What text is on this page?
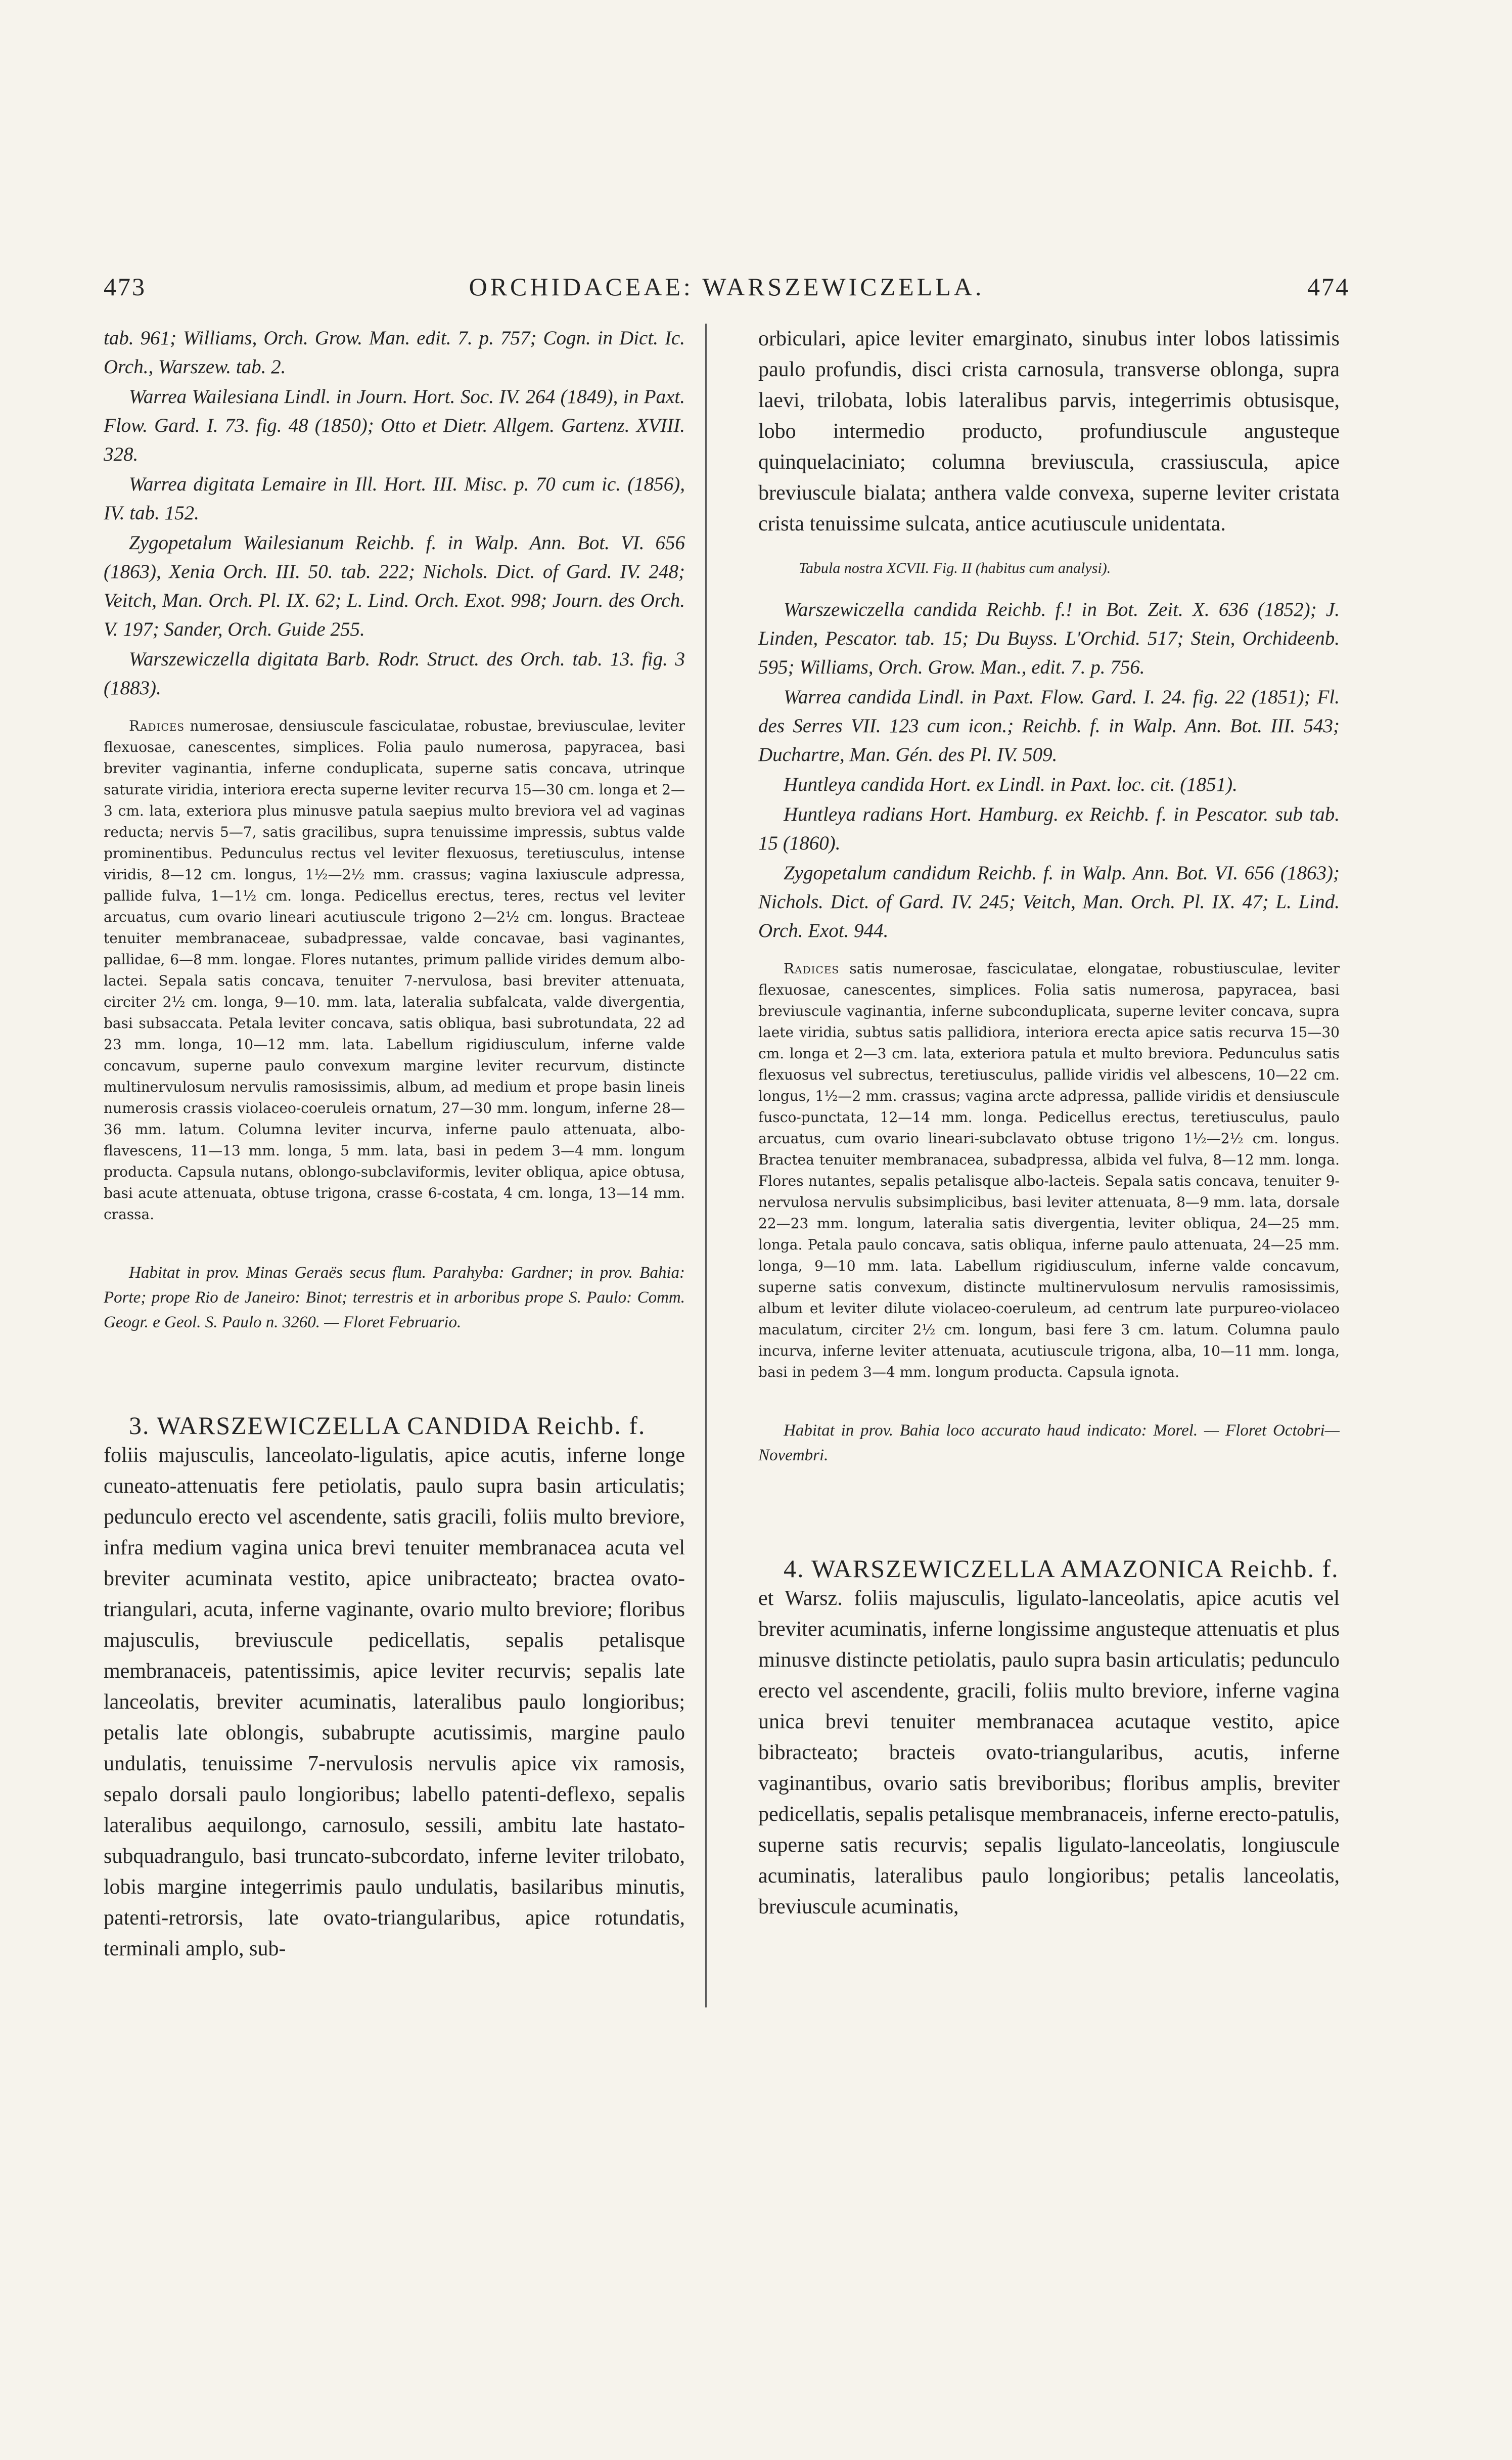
473	ORCHIDACEAE: WARSZEWICZELLA.	474

tab. 961; Williams, Orch. Grow. Man. edit. 7. p. 757; Cogn. in Dict. Ic. Orch., Warszew. tab. 2.

Warrea Wailesiana Lindl. in Journ. Hort. Soc. IV. 264 (1849), in Paxt. Flow. Gard. I. 73. fig. 48 (1850); Otto et Dietr. Allgem. Gartenz. XVIII. 328.

Warrea digitata Lemaire in Ill. Hort. III. Misc. p. 70 cum ic. (1856), IV. tab. 152.

Zygopetalum Wailesianum Reichb. f. in Walp. Ann. Bot. VI. 656 (1863), Xenia Orch. III. 50. tab. 222; Nichols. Dict. of Gard. IV. 248; Veitch, Man. Orch. Pl. IX. 62; L. Lind. Orch. Exot. 998; Journ. des Orch. V. 197; Sander, Orch. Guide 255.

Warszewiczella digitata Barb. Rodr. Struct. des Orch. tab. 13. fig. 3 (1883).

Radices numerosae, densiuscule fasciculatae, robustae, breviusculae, leviter flexuosae, canescentes, simplices. Folia paulo numerosa, papyracea, basi breviter vaginantia, inferne conduplicata, superne satis concava, utrinque saturate viridia, interiora erecta superne leviter recurva 15—30 cm. longa et 2—3 cm. lata, exteriora plus minusve patula saepius multo breviora vel ad vaginas reducta; nervis 5—7, satis gracilibus, supra tenuissime impressis, subtus valde prominentibus. Pedunculus rectus vel leviter flexuosus, teretiusculus, intense viridis, 8—12 cm. longus, 1½—2½ mm. crassus; vagina laxiuscule adpressa, pallide fulva, 1—1½ cm. longa. Pedicellus erectus, teres, rectus vel leviter arcuatus, cum ovario lineari acutiuscule trigono 2—2½ cm. longus. Bracteae tenuiter membranaceae, subadpressae, valde concavae, basi vaginantes, pallidae, 6—8 mm. longae. Flores nutantes, primum pallide virides demum albo-lactei. Sepala satis concava, tenuiter 7-nervulosa, basi breviter attenuata, circiter 2½ cm. longa, 9—10. mm. lata, lateralia subfalcata, valde divergentia, basi subsaccata. Petala leviter concava, satis obliqua, basi subrotundata, 22 ad 23 mm. longa, 10—12 mm. lata. Labellum rigidiusculum, inferne valde concavum, superne paulo convexum margine leviter recurvum, distincte multinervulosum nervulis ramosissimis, album, ad medium et prope basin lineis numerosis crassis violaceo-coeruleis ornatum, 27—30 mm. longum, inferne 28—36 mm. latum. Columna leviter incurva, inferne paulo attenuata, albo-flavescens, 11—13 mm. longa, 5 mm. lata, basi in pedem 3—4 mm. longum producta. Capsula nutans, oblongo-subclaviformis, leviter obliqua, apice obtusa, basi acute attenuata, obtuse trigona, crasse 6-costata, 4 cm. longa, 13—14 mm. crassa.

Habitat in prov. Minas Geraës secus flum. Parahyba: Gardner; in prov. Bahia: Porte; prope Rio de Janeiro: Binot; terrestris et in arboribus prope S. Paulo: Comm. Geogr. e Geol. S. Paulo n. 3260. — Floret Februario.

3. WARSZEWICZELLA CANDIDA Reichb. f.

foliis majusculis, lanceolato-ligulatis, apice acutis, inferne longe cuneato-attenuatis fere petiolatis, paulo supra basin articulatis; pedunculo erecto vel ascendente, satis gracili, foliis multo breviore, infra medium vagina unica brevi tenuiter membranacea acuta vel breviter acuminata vestito, apice unibracteato; bractea ovato-triangulari, acuta, inferne vaginante, ovario multo breviore; floribus majusculis, breviuscule pedicellatis, sepalis petalisque membranaceis, patentissimis, apice leviter recurvis; sepalis late lanceolatis, breviter acuminatis, lateralibus paulo longioribus; petalis late oblongis, subabrupte acutissimis, margine paulo undulatis, tenuissime 7-nervulosis nervulis apice vix ramosis, sepalo dorsali paulo longioribus; labello patenti-deflexo, sepalis lateralibus aequilongo, carnosulo, sessili, ambitu late hastato-subquadrangulo, basi truncato-subcordato, inferne leviter trilobato, lobis margine integerrimis paulo undulatis, basilaribus minutis, patenti-retrorsis, late ovato-triangularibus, apice rotundatis, terminali amplo, sub-

orbiculari, apice leviter emarginato, sinubus inter lobos latissimis paulo profundis, disci crista carnosula, transverse oblonga, supra laevi, trilobata, lobis lateralibus parvis, integerrimis obtusisque, lobo intermedio producto, profundiuscule angusteque quinquelaciniato; columna breviuscula, crassiuscula, apice breviuscule bialata; anthera valde convexa, superne leviter cristata crista tenuissime sulcata, antice acutiuscule unidentata.

Tabula nostra XCVII. Fig. II (habitus cum analysi).

Warszewiczella candida Reichb. f.! in Bot. Zeit. X. 636 (1852); J. Linden, Pescator. tab. 15; Du Buyss. L'Orchid. 517; Stein, Orchideenb. 595; Williams, Orch. Grow. Man., edit. 7. p. 756.

Warrea candida Lindl. in Paxt. Flow. Gard. I. 24. fig. 22 (1851); Fl. des Serres VII. 123 cum icon.; Reichb. f. in Walp. Ann. Bot. III. 543; Duchartre, Man. Gén. des Pl. IV. 509.

Huntleya candida Hort. ex Lindl. in Paxt. loc. cit. (1851).

Huntleya radians Hort. Hamburg. ex Reichb. f. in Pescator. sub tab. 15 (1860).

Zygopetalum candidum Reichb. f. in Walp. Ann. Bot. VI. 656 (1863); Nichols. Dict. of Gard. IV. 245; Veitch, Man. Orch. Pl. IX. 47; L. Lind. Orch. Exot. 944.

Radices satis numerosae, fasciculatae, elongatae, robustiusculae, leviter flexuosae, canescentes, simplices. Folia satis numerosa, papyracea, basi breviuscule vaginantia, inferne subconduplicata, superne leviter concava, supra laete viridia, subtus satis pallidiora, interiora erecta apice satis recurva 15—30 cm. longa et 2—3 cm. lata, exteriora patula et multo breviora. Pedunculus satis flexuosus vel subrectus, teretiusculus, pallide viridis vel albescens, 10—22 cm. longus, 1½—2 mm. crassus; vagina arcte adpressa, pallide viridis et densiuscule fusco-punctata, 12—14 mm. longa. Pedicellus erectus, teretiusculus, paulo arcuatus, cum ovario lineari-subclavato obtuse trigono 1½—2½ cm. longus. Bractea tenuiter membranacea, subadpressa, albida vel fulva, 8—12 mm. longa. Flores nutantes, sepalis petalisque albo-lacteis. Sepala satis concava, tenuiter 9-nervulosa nervulis subsimplicibus, basi leviter attenuata, 8—9 mm. lata, dorsale 22—23 mm. longum, lateralia satis divergentia, leviter obliqua, 24—25 mm. longa. Petala paulo concava, satis obliqua, inferne paulo attenuata, 24—25 mm. longa, 9—10 mm. lata. Labellum rigidiusculum, inferne valde concavum, superne satis convexum, distincte multinervulosum nervulis ramosissimis, album et leviter dilute violaceo-coeruleum, ad centrum late purpureo-violaceo maculatum, circiter 2½ cm. longum, basi fere 3 cm. latum. Columna paulo incurva, inferne leviter attenuata, acutiuscule trigona, alba, 10—11 mm. longa, basi in pedem 3—4 mm. longum producta. Capsula ignota.

Habitat in prov. Bahia loco accurato haud indicato: Morel. — Floret Octobri—Novembri.

4. WARSZEWICZELLA AMAZONICA Reichb. f.

et Warsz. foliis majusculis, ligulato-lanceolatis, apice acutis vel breviter acuminatis, inferne longissime angusteque attenuatis et plus minusve distincte petiolatis, paulo supra basin articulatis; pedunculo erecto vel ascendente, gracili, foliis multo breviore, inferne vagina unica brevi tenuiter membranacea acutaque vestito, apice bibracteato; bracteis ovato-triangularibus, acutis, inferne vaginantibus, ovario satis breviboribus; floribus amplis, breviter pedicellatis, sepalis petalisque membranaceis, inferne erecto-patulis, superne satis recurvis; sepalis ligulato-lanceolatis, longiuscule acuminatis, lateralibus paulo longioribus; petalis lanceolatis, breviuscule acuminatis,
